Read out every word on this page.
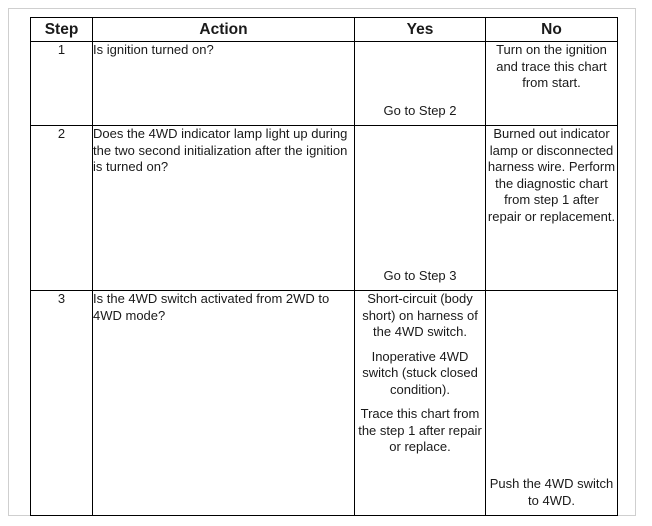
Step	Action	Yes	No
1	Is ignition turned on?	Go to Step 2	Turn on the ignition and trace this chart from start.

2	Does the 4WD indicator lamp light up during the two second initialization after the ignition is turned on?	Go to Step 3	Burned out indicator lamp or disconnected harness wire. Perform the diagnostic chart from step 1 after repair or replacement.

3	Is the 4WD switch activated from 2WD to 4WD mode?	Short-circuit (body short) on harness of the 4WD switch.
Inoperative 4WD switch (stuck closed condition).
Trace this chart from the step 1 after repair or replace.	Push the 4WD switch to 4WD.
